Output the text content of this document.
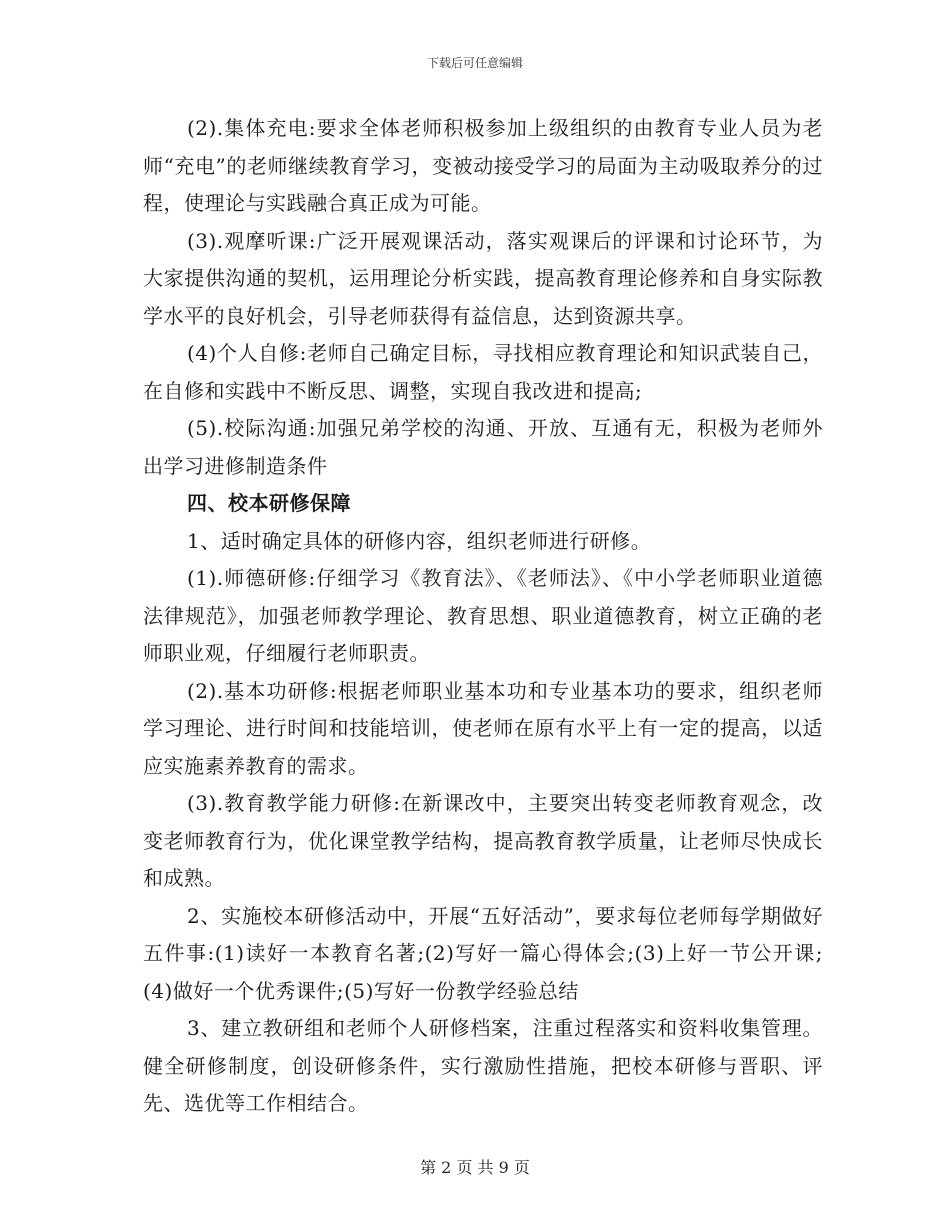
下载后可任意编辑

(2).集体充电:要求全体老师积极参加上级组织的由教育专业人员为老师“充电”的老师继续教育学习，变被动接受学习的局面为主动吸取养分的过程，使理论与实践融合真正成为可能。

(3).观摩听课:广泛开展观课活动，落实观课后的评课和讨论环节，为大家提供沟通的契机，运用理论分析实践，提高教育理论修养和自身实际教学水平的良好机会，引导老师获得有益信息，达到资源共享。

(4)个人自修:老师自己确定目标，寻找相应教育理论和知识武装自己，在自修和实践中不断反思、调整，实现自我改进和提高;

(5).校际沟通:加强兄弟学校的沟通、开放、互通有无，积极为老师外出学习进修制造条件

四、校本研修保障

1、适时确定具体的研修内容，组织老师进行研修。

(1).师德研修:仔细学习《教育法》、《老师法》、《中小学老师职业道德法律规范》，加强老师教学理论、教育思想、职业道德教育，树立正确的老师职业观，仔细履行老师职责。

(2).基本功研修:根据老师职业基本功和专业基本功的要求，组织老师学习理论、进行时间和技能培训，使老师在原有水平上有一定的提高，以适应实施素养教育的需求。

(3).教育教学能力研修:在新课改中，主要突出转变老师教育观念，改变老师教育行为，优化课堂教学结构，提高教育教学质量，让老师尽快成长和成熟。

2、实施校本研修活动中，开展“五好活动”，要求每位老师每学期做好五件事:(1)读好一本教育名著;(2)写好一篇心得体会;(3)上好一节公开课;(4)做好一个优秀课件;(5)写好一份教学经验总结

3、建立教研组和老师个人研修档案，注重过程落实和资料收集管理。健全研修制度，创设研修条件，实行激励性措施，把校本研修与晋职、评先、选优等工作相结合。

第 2 页 共 9 页
